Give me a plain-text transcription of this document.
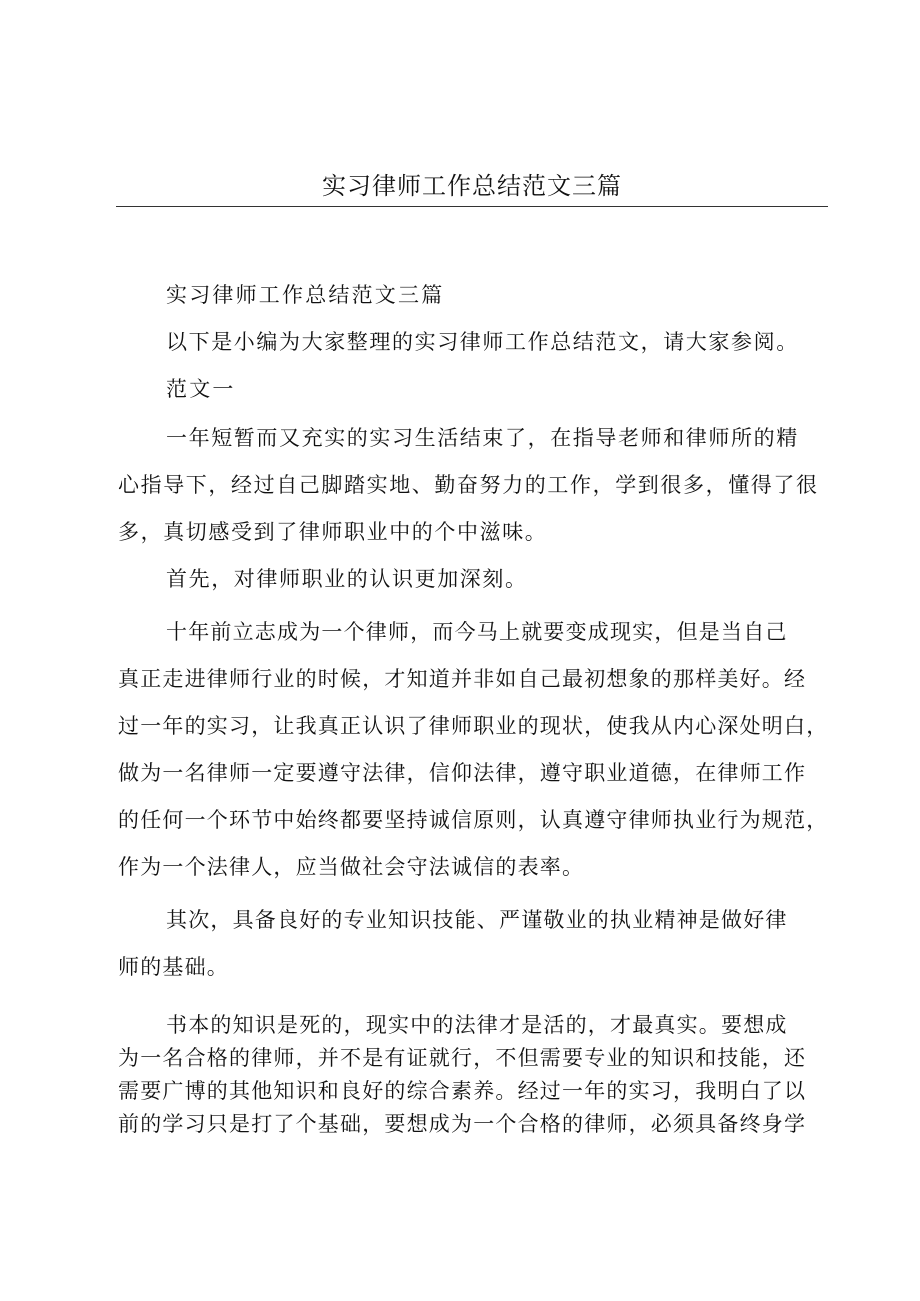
实习律师工作总结范文三篇
实习律师工作总结范文三篇
以下是小编为大家整理的实习律师工作总结范文，请大家参阅。
范文一
一年短暂而又充实的实习生活结束了，在指导老师和律师所的精
心指导下，经过自己脚踏实地、勤奋努力的工作，学到很多，懂得了很
多，真切感受到了律师职业中的个中滋味。
首先，对律师职业的认识更加深刻。
十年前立志成为一个律师，而今马上就要变成现实，但是当自己
真正走进律师行业的时候，才知道并非如自己最初想象的那样美好。经
过一年的实习，让我真正认识了律师职业的现状，使我从内心深处明白，
做为一名律师一定要遵守法律，信仰法律，遵守职业道德，在律师工作
的任何一个环节中始终都要坚持诚信原则，认真遵守律师执业行为规范，
作为一个法律人，应当做社会守法诚信的表率。
其次，具备良好的专业知识技能、严谨敬业的执业精神是做好律
师的基础。
书本的知识是死的，现实中的法律才是活的，才最真实。要想成
为一名合格的律师，并不是有证就行，不但需要专业的知识和技能，还
需要广博的其他知识和良好的综合素养。经过一年的实习，我明白了以
前的学习只是打了个基础，要想成为一个合格的律师，必须具备终身学
